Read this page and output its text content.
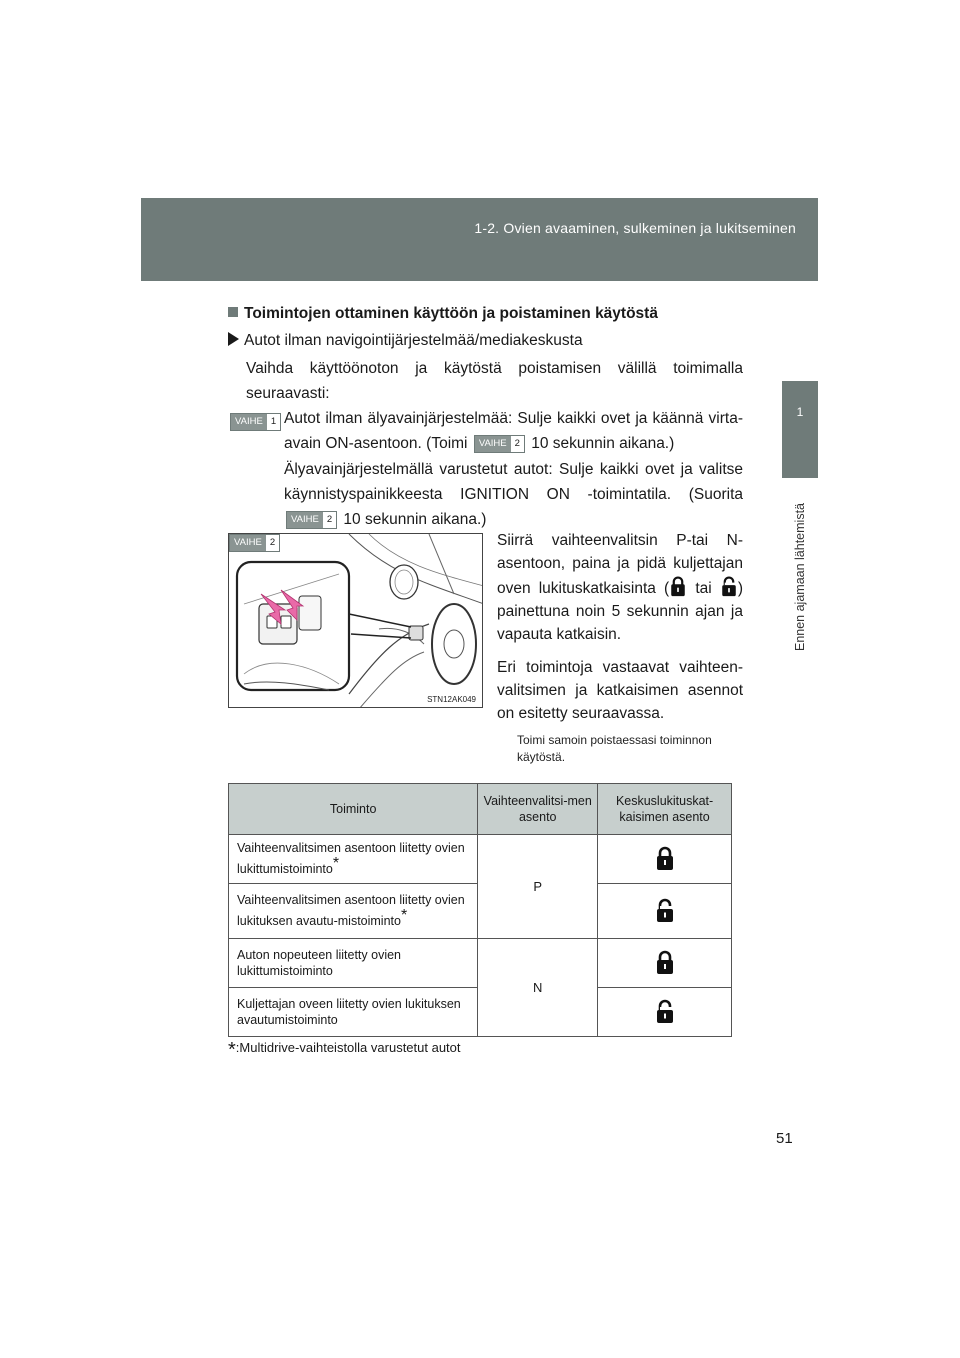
1-2. Ovien avaaminen, sulkeminen ja lukitseminen
1
Ennen ajamaan lähtemistä
Toimintojen ottaminen käyttöön ja poistaminen käytöstä
Autot ilman navigointijärjestelmää/mediakeskusta
Vaihda käyttöönoton ja käytöstä poistamisen välillä toimimalla seuraavasti:
VAIHE 1 Autot ilman älyavainjärjestelmää: Sulje kaikki ovet ja käännä virta-avain ON-asentoon. (Toimi	VAIHE 2 10 sekunnin aikana.)

Älyavainjärjestelmällä varustetut autot: Sulje kaikki ovet ja valitse käynnistyspainikkeesta IGNITION ON -toimintatila. (Suorita
VAIHE 2 10 sekunnin aikana.)

VAIHE 2
STN12AK049

Siirrä vaihteenvalitsin P-tai N-asentoon, paina ja pidä kuljettajan oven lukituskatkaisinta ( tai ) painettuna noin 5 sekunnin ajan ja vapauta katkaisin.

Eri toimintoja vastaavat vaihteen-valitsimen ja katkaisimen asennot on esitetty seuraavassa.

Toimi samoin poistaessasi toiminnon käytöstä.
Toiminto	Vaihteenvalitsi-men asento	Keskuslukituskat-kaisimen asento
Vaihteenvalitsimen asentoon liitetty ovien lukittumistoiminto*	P	
Vaihteenvalitsimen asentoon liitetty ovien lukituksen avautu-mistoiminto*	
Auton nopeuteen liitetty ovien lukittumistoiminto	N	
Kuljettajan oveen liitetty ovien lukituksen avautumistoiminto	
*:Multidrive-vaihteistolla varustetut autot
51
